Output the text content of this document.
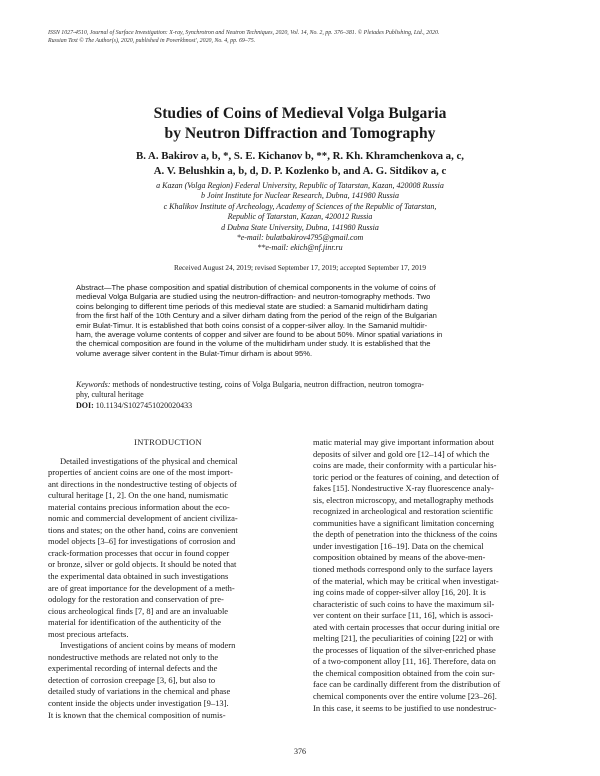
ISSN 1027-4510, Journal of Surface Investigation: X-ray, Synchrotron and Neutron Techniques, 2020, Vol. 14, No. 2, pp. 376–381. © Pleiades Publishing, Ltd., 2020.
Russian Text © The Author(s), 2020, published in Poverkhnost', 2020, No. 4, pp. 69–75.
Studies of Coins of Medieval Volga Bulgaria
by Neutron Diffraction and Tomography
B. A. Bakirov a, b, *, S. E. Kichanov b, **, R. Kh. Khramchenkova a, c,
A. V. Belushkin a, b, d, D. P. Kozlenko b, and A. G. Sitdikov a, c
a Kazan (Volga Region) Federal University, Republic of Tatarstan, Kazan, 420008 Russia
b Joint Institute for Nuclear Research, Dubna, 141980 Russia
c Khalikov Institute of Archeology, Academy of Sciences of the Republic of Tatarstan,
Republic of Tatarstan, Kazan, 420012 Russia
d Dubna State University, Dubna, 141980 Russia
*e-mail: bulatbakirov4795@gmail.com
**e-mail: ekich@nf.jinr.ru
Received August 24, 2019; revised September 17, 2019; accepted September 17, 2019
Abstract—The phase composition and spatial distribution of chemical components in the volume of coins of
medieval Volga Bulgaria are studied using the neutron-diffraction- and neutron-tomography methods. Two
coins belonging to different time periods of this medieval state are studied: a Samanid multidirham dating
from the first half of the 10th Century and a silver dirham dating from the period of the reign of the Bulgarian
emir Bulat-Timur. It is established that both coins consist of a copper-silver alloy. In the Samanid multidir-
ham, the average volume contents of copper and silver are found to be about 50%. Minor spatial variations in
the chemical composition are found in the volume of the multidirham under study. It is established that the
volume average silver content in the Bulat-Timur dirham is about 95%.
Keywords: methods of nondestructive testing, coins of Volga Bulgaria, neutron diffraction, neutron tomogra-
phy, cultural heritage
DOI: 10.1134/S1027451020020433
INTRODUCTION
Detailed investigations of the physical and chemical
properties of ancient coins are one of the most import-
ant directions in the nondestructive testing of objects of
cultural heritage [1, 2]. On the one hand, numismatic
material contains precious information about the eco-
nomic and commercial development of ancient civiliza-
tions and states; on the other hand, coins are convenient
model objects [3–6] for investigations of corrosion and
crack-formation processes that occur in found copper
or bronze, silver or gold objects. It should be noted that
the experimental data obtained in such investigations
are of great importance for the development of a meth-
odology for the restoration and conservation of pre-
cious archeological finds [7, 8] and are an invaluable
material for identification of the authenticity of the
most precious artefacts.
Investigations of ancient coins by means of modern
nondestructive methods are related not only to the
experimental recording of internal defects and the
detection of corrosion creepage [3, 6], but also to
detailed study of variations in the chemical and phase
content inside the objects under investigation [9–13].
It is known that the chemical composition of numis-
matic material may give important information about
deposits of silver and gold ore [12–14] of which the
coins are made, their conformity with a particular his-
toric period or the features of coining, and detection of
fakes [15]. Nondestructive X-ray fluorescence analy-
sis, electron microscopy, and metallography methods
recognized in archeological and restoration scientific
communities have a significant limitation concerning
the depth of penetration into the thickness of the coins
under investigation [16–19]. Data on the chemical
composition obtained by means of the above-men-
tioned methods correspond only to the surface layers
of the material, which may be critical when investigat-
ing coins made of copper-silver alloy [16, 20]. It is
characteristic of such coins to have the maximum sil-
ver content on their surface [11, 16], which is associ-
ated with certain processes that occur during initial ore
melting [21], the peculiarities of coining [22] or with
the processes of liquation of the silver-enriched phase
of a two-component alloy [11, 16]. Therefore, data on
the chemical composition obtained from the coin sur-
face can be cardinally different from the distribution of
chemical components over the entire volume [23–26].
In this case, it seems to be justified to use nondestruc-
376
